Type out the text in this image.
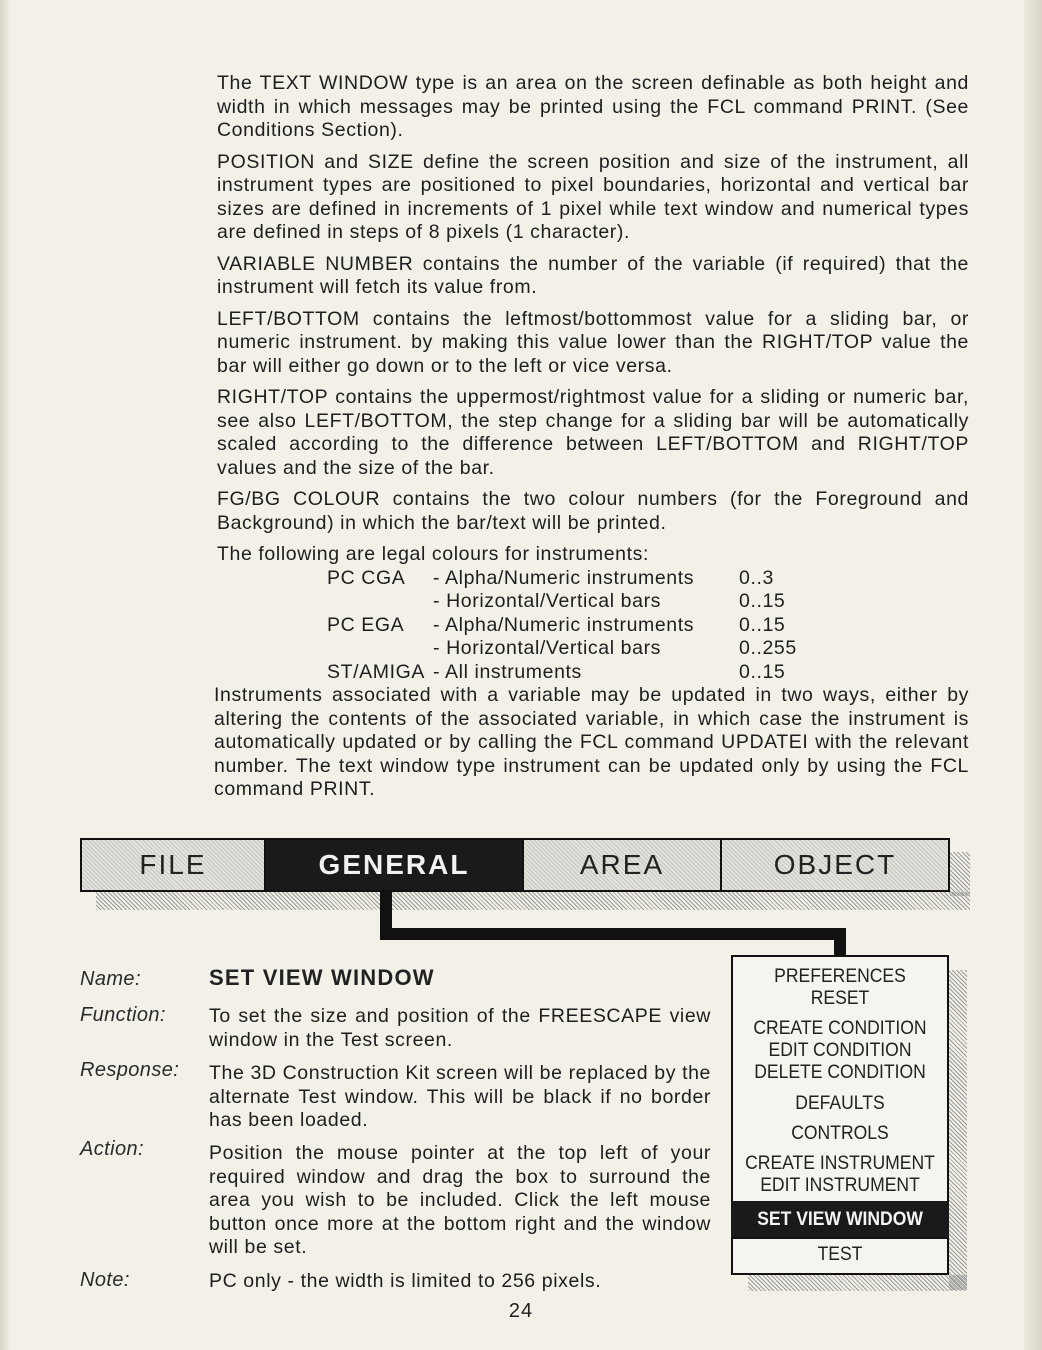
The TEXT WINDOW type is an area on the screen definable as both height and width in which messages may be printed using the FCL command PRINT. (See Conditions Section).

POSITION and SIZE define the screen position and size of the instrument, all instrument types are positioned to pixel boundaries, horizontal and vertical bar sizes are defined in increments of 1 pixel while text window and numerical types are defined in steps of 8 pixels (1 character).

VARIABLE NUMBER contains the number of the variable (if required) that the instrument will fetch its value from.

LEFT/BOTTOM contains the leftmost/bottommost value for a sliding bar, or numeric instrument. by making this value lower than the RIGHT/TOP value the bar will either go down or to the left or vice versa.

RIGHT/TOP contains the uppermost/rightmost value for a sliding or numeric bar, see also LEFT/BOTTOM, the step change for a sliding bar will be automatically scaled according to the difference between LEFT/BOTTOM and RIGHT/TOP values and the size of the bar.

FG/BG COLOUR contains the two colour numbers (for the Foreground and Background) in which the bar/text will be printed.

The following are legal colours for instruments:

PC CGA	- Alpha/Numeric instruments	0..3
	- Horizontal/Vertical bars	0..15
PC EGA	- Alpha/Numeric instruments	0..15
	- Horizontal/Vertical bars	0..255
ST/AMIGA	- All instruments	0..15

Instruments associated with a variable may be updated in two ways, either by altering the contents of the associated variable, in which case the instrument is automatically updated or by calling the FCL command UPDATEI with the relevant number. The text window type instrument can be updated only by using the FCL command PRINT.

FILE	GENERAL	AREA	OBJECT
PREFERENCES
RESET
CREATE CONDITION
EDIT CONDITION
DELETE CONDITION
DEFAULTS
CONTROLS
CREATE INSTRUMENT
EDIT INSTRUMENT
SET VIEW WINDOW
TEST
Name:	SET VIEW WINDOW
Function: To set the size and position of the FREESCAPE view window in the Test screen.
Response: The 3D Construction Kit screen will be replaced by the alternate Test window. This will be black if no border has been loaded.
Action:	Position the mouse pointer at the top left of your required window and drag the box to surround the area you wish to be included. Click the left mouse button once more at the bottom right and the window will be set.
Note:	PC only - the width is limited to 256 pixels.
24
